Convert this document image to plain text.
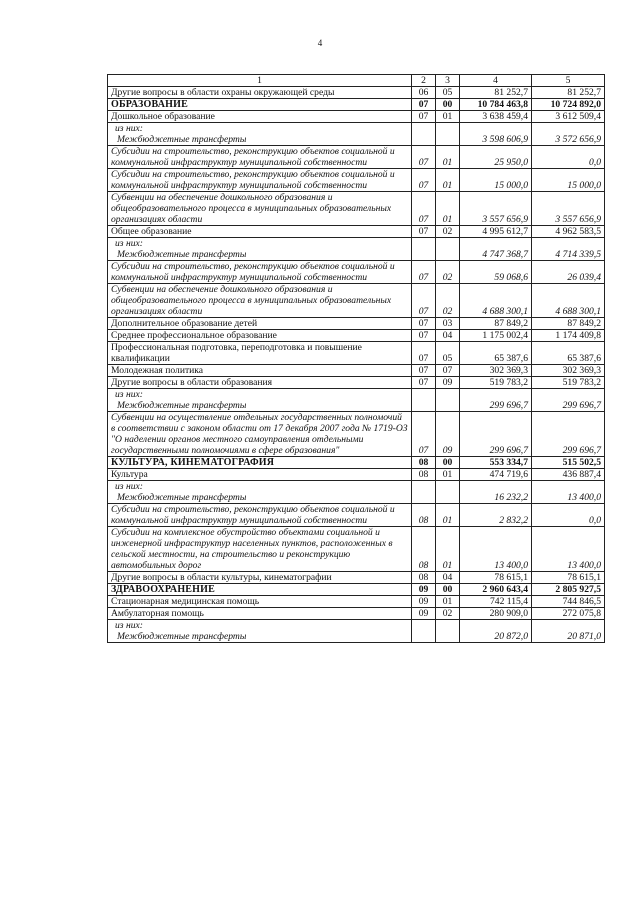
4
1	2	3	4	5
Другие вопросы в области охраны окружающей среды	06	05	81 252,7	81 252,7
ОБРАЗОВАНИЕ	07	00	10 784 463,8	10 724 892,0
Дошкольное образование	07	01	3 638 459,4	3 612 509,4

из них:
Межбюджетные трансферты			3 598 606,9	3 572 656,9
Субсидии на строительство, реконструкцию объектов социальной и коммунальной инфраструктур муниципальной собственности	07	01	25 950,0	0,0
Субсидии на строительство, реконструкцию объектов социальной и коммунальной инфраструктур муниципальной собственности	07	01	15 000,0	15 000,0
Субвенции на обеспечение дошкольного образования и общеобразовательного процесса в муниципальных образовательных организациях области	07	01	3 557 656,9	3 557 656,9
Общее образование	07	02	4 995 612,7	4 962 583,5

из них:
Межбюджетные трансферты			4 747 368,7	4 714 339,5
Субсидии на строительство, реконструкцию объектов социальной и коммунальной инфраструктур муниципальной собственности	07	02	59 068,6	26 039,4
Субвенции на обеспечение дошкольного образования и общеобразовательного процесса в муниципальных образовательных организациях области	07	02	4 688 300,1	4 688 300,1
Дополнительное образование детей	07	03	87 849,2	87 849,2
Среднее профессиональное образование	07	04	1 175 002,4	1 174 409,8
Профессиональная подготовка, переподготовка и повышение квалификации	07	05	65 387,6	65 387,6
Молодежная политика	07	07	302 369,3	302 369,3
Другие вопросы в области образования	07	09	519 783,2	519 783,2

из них:
Межбюджетные трансферты			299 696,7	299 696,7
Субвенции на осуществление отдельных государственных полномочий в соответствии с законом области от 17 декабря 2007 года № 1719-ОЗ "О наделении органов местного самоуправления отдельными государственными полномочиями в сфере образования"	07	09	299 696,7	299 696,7
КУЛЬТУРА, КИНЕМАТОГРАФИЯ	08	00	553 334,7	515 502,5
Культура	08	01	474 719,6	436 887,4

из них:
Межбюджетные трансферты			16 232,2	13 400,0
Субсидии на строительство, реконструкцию объектов социальной и коммунальной инфраструктур муниципальной собственности	08	01	2 832,2	0,0
Субсидии на комплексное обустройство объектами социальной и инженерной инфраструктур населенных пунктов, расположенных в сельской местности, на строительство и реконструкцию автомобильных дорог	08	01	13 400,0	13 400,0
Другие вопросы в области культуры, кинематографии	08	04	78 615,1	78 615,1
ЗДРАВООХРАНЕНИЕ	09	00	2 960 643,4	2 805 927,5
Стационарная медицинская помощь	09	01	742 115,4	744 846,5
Амбулаторная помощь	09	02	280 909,0	272 075,8

из них:
Межбюджетные трансферты			20 872,0	20 871,0
